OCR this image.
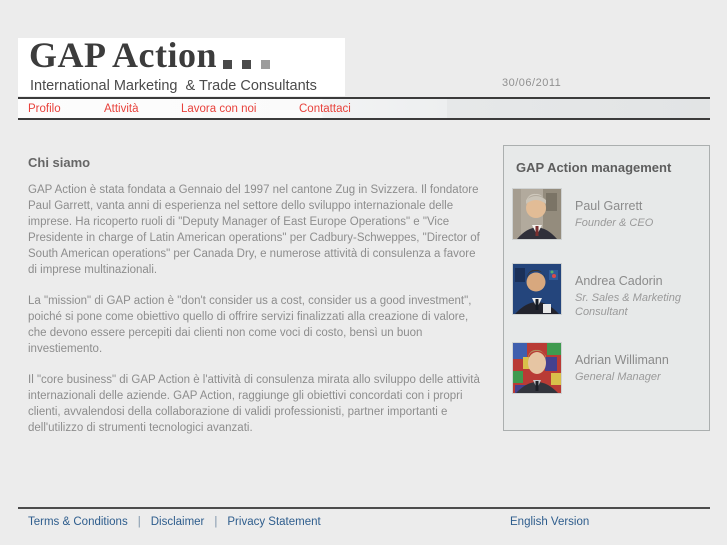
GAP Action
International Marketing  & Trade Consultants	30/06/2011
Profilo	Attività	Lavora con noi	Contattaci
Chi siamo

GAP Action è stata fondata a Gennaio del 1997 nel cantone Zug in Svizzera. Il fondatore Paul Garrett, vanta anni di esperienza nel settore dello sviluppo internazionale delle imprese. Ha ricoperto ruoli di "Deputy Manager of East Europe Operations" e "Vice Presidente in charge of Latin American operations" per Cadbury-Schweppes, "Director of South American operations" per Canada Dry, e numerose attività di consulenza a favore di imprese multinazionali.

La "mission" di GAP action è "don't consider us a cost, consider us a good investment", poiché si pone come obiettivo quello di offrire servizi finalizzati alla creazione di valore, che devono essere percepiti dai clienti non come voci di costo, bensì un buon investiemento.

Il "core business" di GAP Action è l'attività di consulenza mirata allo sviluppo delle attività internazionali delle aziende. GAP Action, raggiunge gli obiettivi concordati con i propri clienti, avvalendosi della collaborazione di validi professionisti, partner importanti e dell'utilizzo di strumenti tecnologici avanzati.

GAP Action management
Paul Garrett
Founder & CEO
Andrea Cadorin
Sr. Sales & Marketing Consultant
Adrian Willimann
General Manager
Terms & Conditions | Disclaimer | Privacy Statement	English Version
